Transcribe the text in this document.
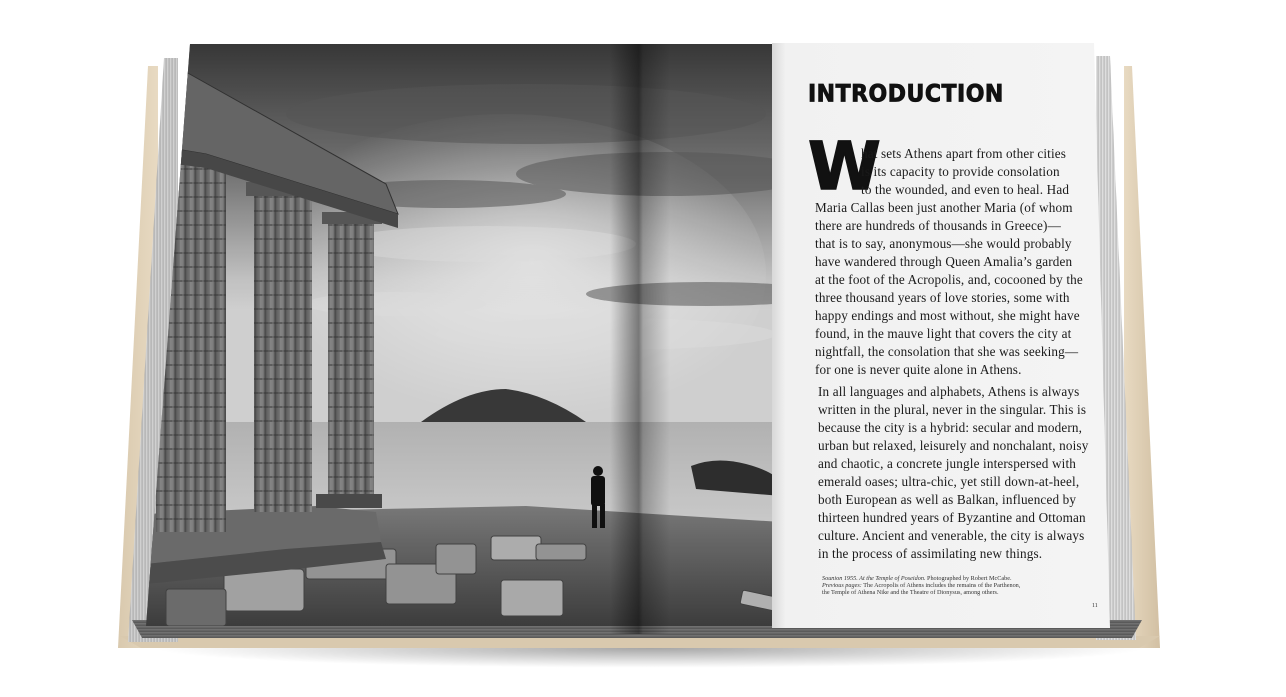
INTRODUCTION
W
hat sets Athens apart from other cities
is its capacity to provide consolation
to the wounded, and even to heal. Had
Maria Callas been just another Maria (of whom
there are hundreds of thousands in Greece)—
that is to say, anonymous—she would probably
have wandered through Queen Amalia’s garden
at the foot of the Acropolis, and, cocooned by the
three thousand years of love stories, some with
happy endings and most without, she might have
found, in the mauve light that covers the city at
nightfall, the consolation that she was seeking—
for one is never quite alone in Athens.
In all languages and alphabets, Athens is always
written in the plural, never in the singular. This is
because the city is a hybrid: secular and modern,
urban but relaxed, leisurely and nonchalant, noisy
and chaotic, a concrete jungle interspersed with
emerald oases; ultra-chic, yet still down-at-heel,
both European as well as Balkan, influenced by
thirteen hundred years of Byzantine and Ottoman
culture. Ancient and venerable, the city is always
in the process of assimilating new things.
Sounion 1955. At the Temple of Poseidon. Photographed by Robert McCabe.
Previous pages: The Acropolis of Athens includes the remains of the Parthenon,
the Temple of Athena Nike and the Theatre of Dionysus, among others.
11
